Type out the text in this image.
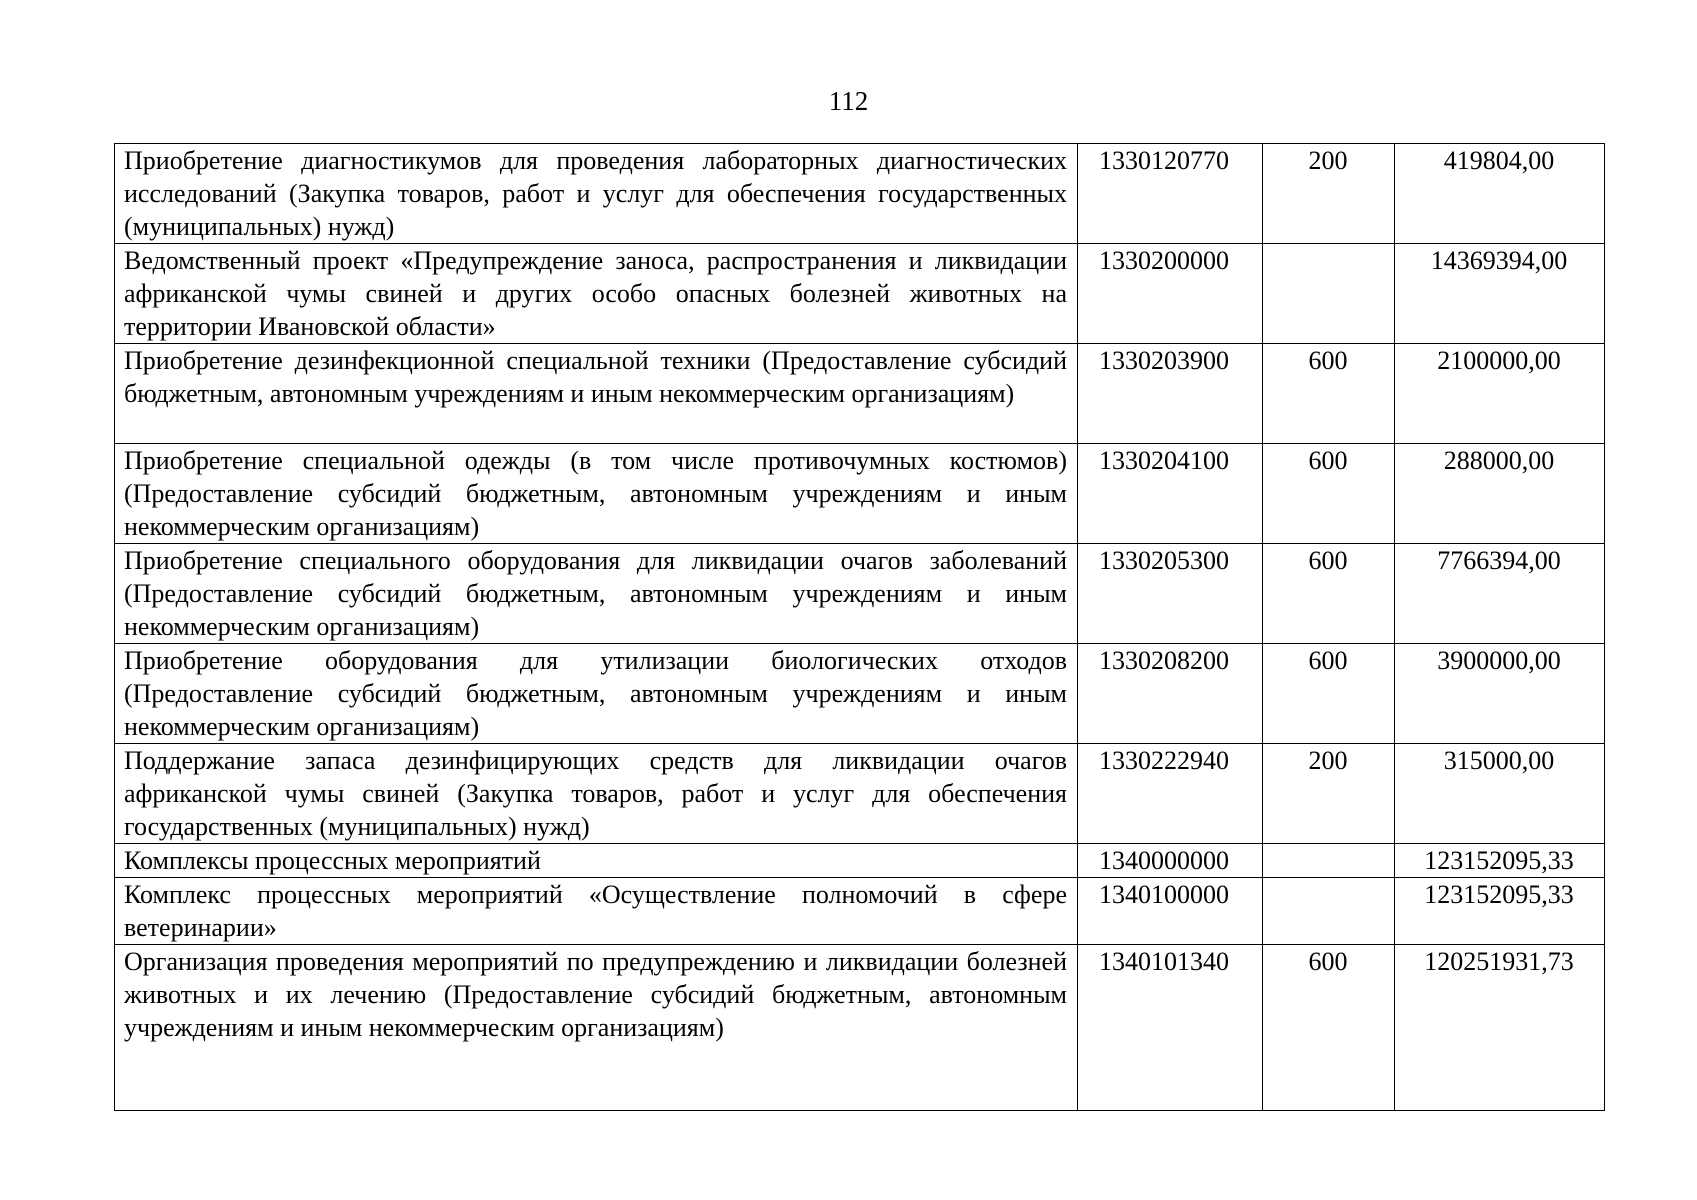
112
Приобретение диагностикумов для проведения лабораторных диагностических исследований (Закупка товаров, работ и услуг для обеспечения государственных (муниципальных) нужд)	1330120770	200	419804,00
Ведомственный проект «Предупреждение заноса, распространения и ликвидации африканской чумы свиней и других особо опасных болезней животных на территории Ивановской области»	1330200000		14369394,00
Приобретение дезинфекционной специальной техники (Предоставление субсидий бюджетным, автономным учреждениям и иным некоммерческим организациям)	1330203900	600	2100000,00
Приобретение специальной одежды (в том числе противочумных костюмов) (Предоставление субсидий бюджетным, автономным учреждениям и иным некоммерческим организациям)	1330204100	600	288000,00
Приобретение специального оборудования для ликвидации очагов заболеваний (Предоставление субсидий бюджетным, автономным учреждениям и иным некоммерческим организациям)	1330205300	600	7766394,00
Приобретение оборудования для утилизации биологических отходов (Предоставление субсидий бюджетным, автономным учреждениям и иным некоммерческим организациям)	1330208200	600	3900000,00
Поддержание запаса дезинфицирующих средств для ликвидации очагов африканской чумы свиней (Закупка товаров, работ и услуг для обеспечения государственных (муниципальных) нужд)	1330222940	200	315000,00
Комплексы процессных мероприятий	1340000000		123152095,33
Комплекс процессных мероприятий «Осуществление полномочий в сфере ветеринарии»	1340100000		123152095,33
Организация проведения мероприятий по предупреждению и ликвидации болезней животных и их лечению (Предоставление субсидий бюджетным, автономным учреждениям и иным некоммерческим организациям)	1340101340	600	120251931,73
